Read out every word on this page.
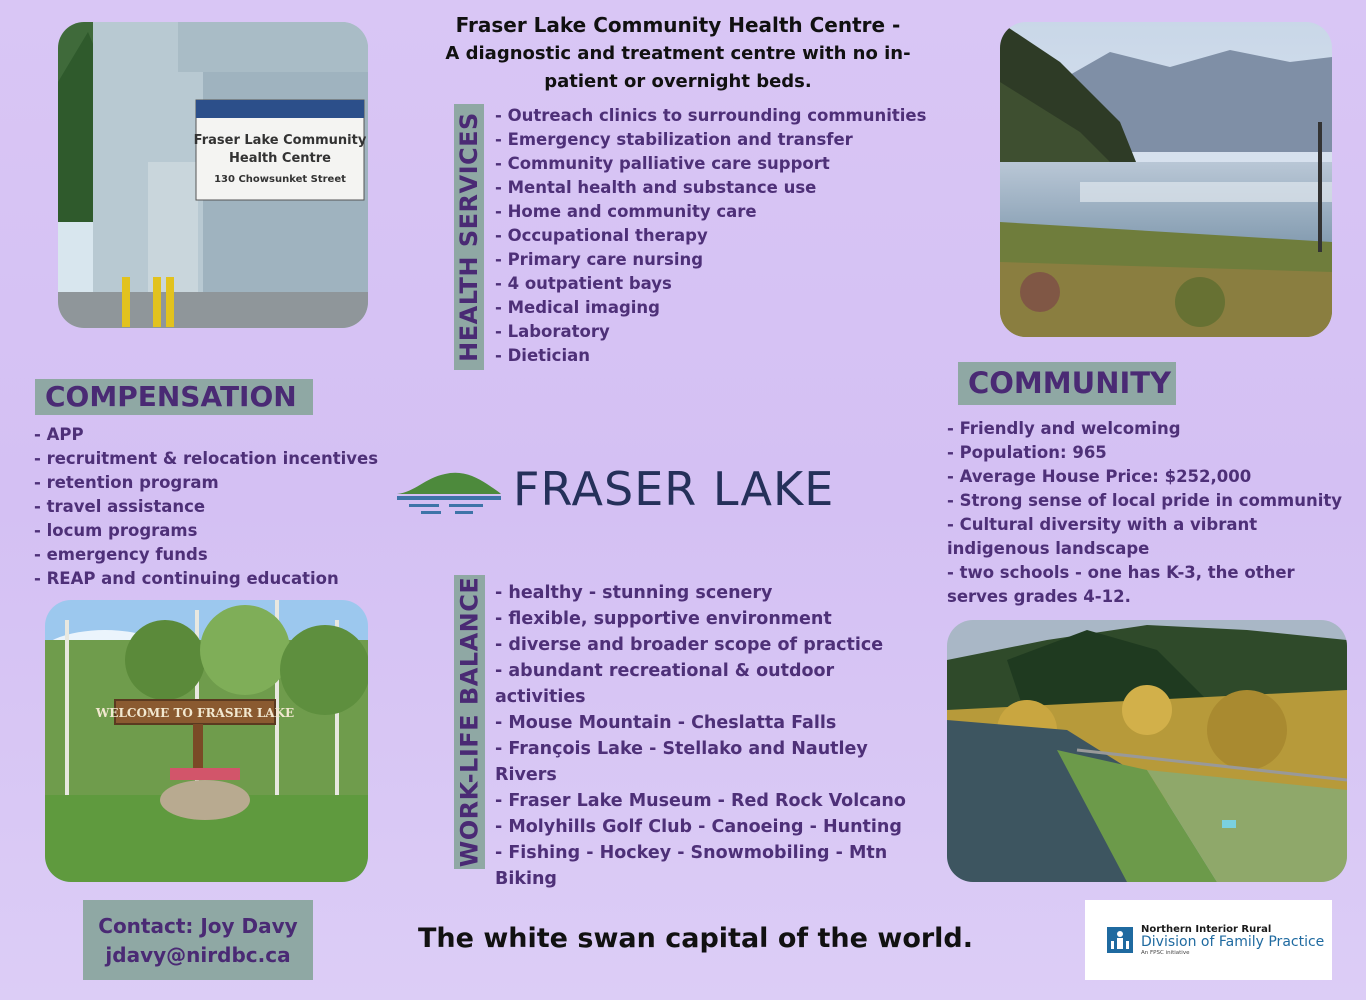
Fraser Lake Community Health Centre -
A diagnostic and treatment centre with no in-patient or overnight beds.
Fraser Lake Community
Health Centre
130 Chowsunket Street	HEALTH SERVICES - Outreach clinics to surrounding communities
- Emergency stabilization and transfer
- Community palliative care support
- Mental health and substance use
- Home and community care
- Occupational therapy
- Primary care nursing
- 4 outpatient bays
- Medical imaging
- Laboratory
- Dietician
COMPENSATION
- APP
- recruitment & relocation incentives
- retention program
- travel assistance
- locum programs
- emergency funds
- REAP and continuing education
FRASER LAKE
COMMUNITY
- Friendly and welcoming
- Population: 965
- Average House Price: $252,000
- Strong sense of local pride in community
- Cultural diversity with a vibrant indigenous landscape
- two schools - one has K-3, the other serves grades 4-12.
WELCOME TO FRASER LAKE	WORK-LIFE BALANCE - healthy - stunning scenery
- flexible, supportive environment
- diverse and broader scope of practice
- abundant recreational & outdoor activities
- Mouse Mountain - Cheslatta Falls
- François Lake - Stellako and Nautley Rivers
- Fraser Lake Museum - Red Rock Volcano
- Molyhills Golf Club - Canoeing - Hunting
- Fishing - Hockey - Snowmobiling - Mtn Biking
Contact: Joy Davy
jdavy@nirdbc.ca
The white swan capital of the world.	Northern Interior Rural
Division of Family Practice
An FPSC initiative
